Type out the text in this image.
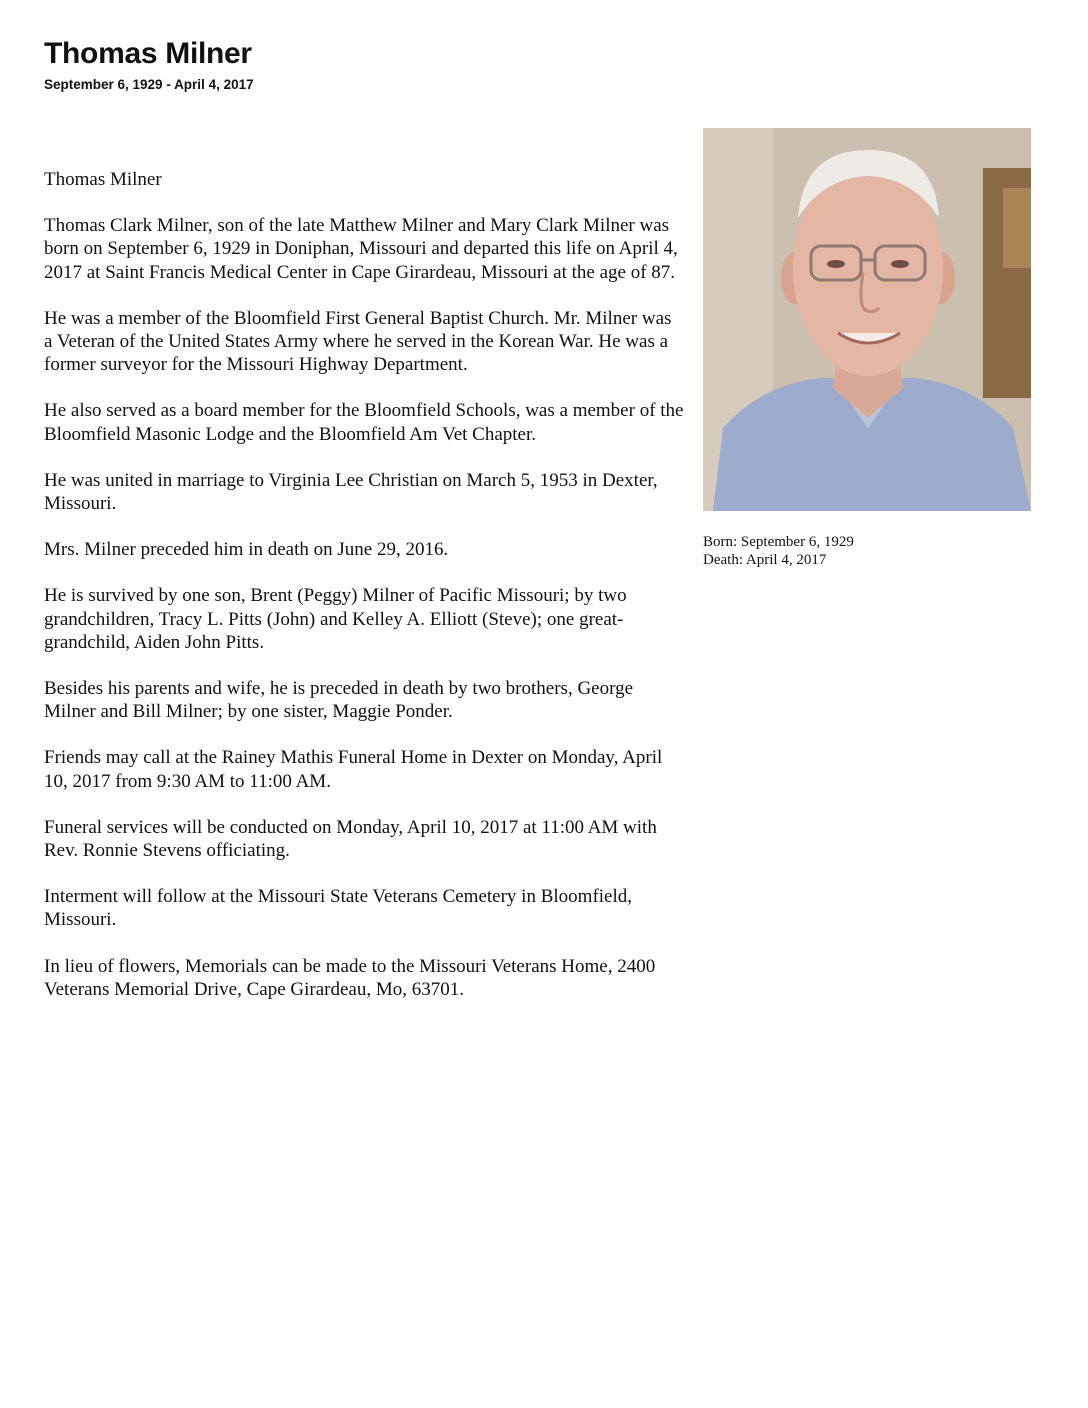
Thomas Milner
September 6, 1929 - April 4, 2017

Thomas Milner

Thomas Clark Milner, son of the late Matthew Milner and Mary Clark Milner was born on September 6, 1929 in Doniphan, Missouri and departed this life on April 4, 2017 at Saint Francis Medical Center in Cape Girardeau, Missouri at the age of 87.

He was a member of the Bloomfield First General Baptist Church. Mr. Milner was a Veteran of the United States Army where he served in the Korean War. He was a former surveyor for the Missouri Highway Department.

He also served as a board member for the Bloomfield Schools, was a member of the Bloomfield Masonic Lodge and the Bloomfield Am Vet Chapter.

He was united in marriage to Virginia Lee Christian on March 5, 1953 in Dexter, Missouri.

Mrs. Milner preceded him in death on June 29, 2016.

He is survived by one son, Brent (Peggy) Milner of Pacific Missouri; by two grandchildren, Tracy L. Pitts (John) and Kelley A. Elliott (Steve); one great-grandchild, Aiden John Pitts.

Besides his parents and wife, he is preceded in death by two brothers, George Milner and Bill Milner; by one sister, Maggie Ponder.

Friends may call at the Rainey Mathis Funeral Home in Dexter on Monday, April 10, 2017 from 9:30 AM to 11:00 AM.

Funeral services will be conducted on Monday, April 10, 2017 at 11:00 AM with Rev. Ronnie Stevens officiating.

Interment will follow at the Missouri State Veterans Cemetery in Bloomfield, Missouri.

In lieu of flowers, Memorials can be made to the Missouri Veterans Home, 2400 Veterans Memorial Drive, Cape Girardeau, Mo, 63701.

Born: September 6, 1929
Death: April 4, 2017
